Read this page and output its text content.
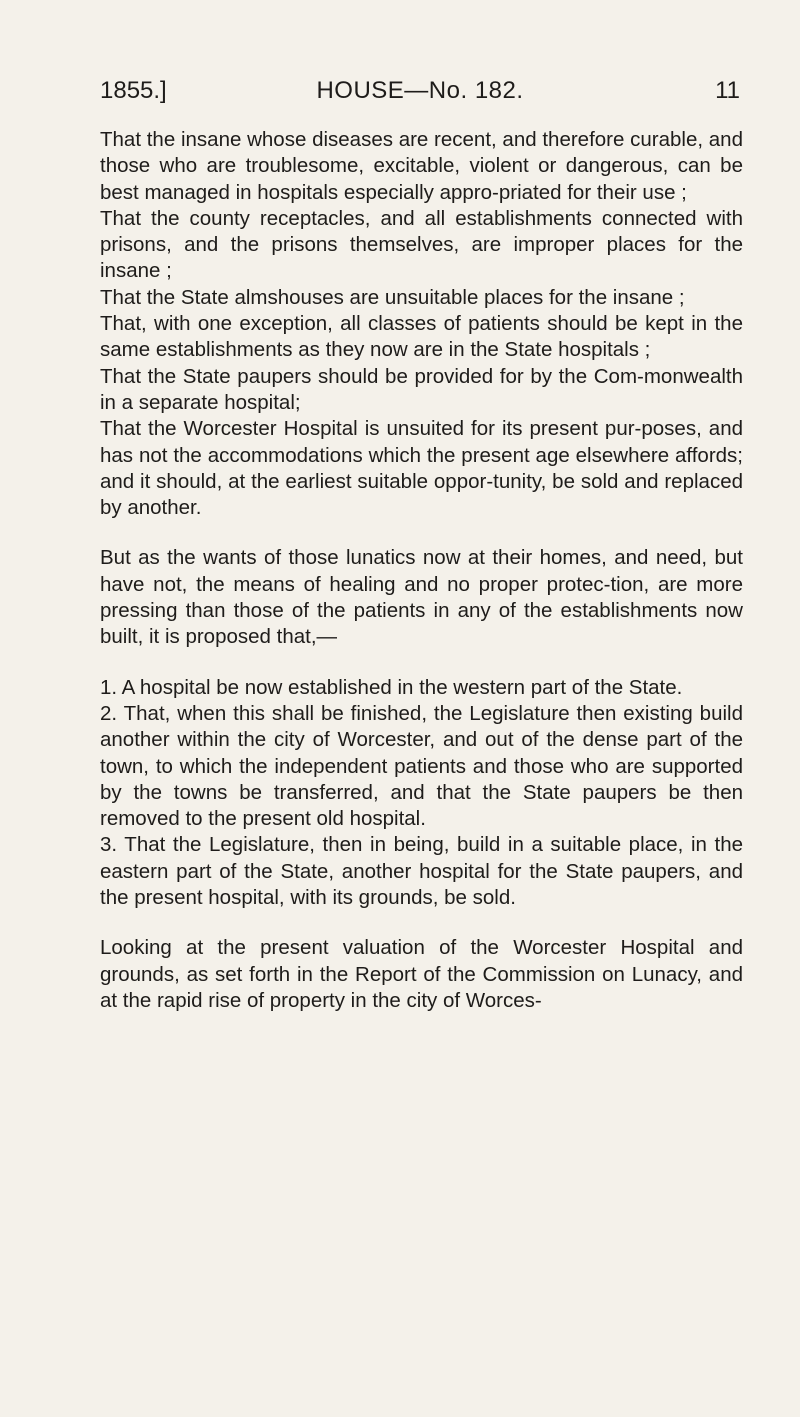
1855.]	HOUSE—No. 182.	11

That the insane whose diseases are recent, and therefore curable, and those who are troublesome, excitable, violent or dangerous, can be best managed in hospitals especially appro-priated for their use ;

That the county receptacles, and all establishments connected with prisons, and the prisons themselves, are improper places for the insane ;

That the State almshouses are unsuitable places for the insane ;

That, with one exception, all classes of patients should be kept in the same establishments as they now are in the State hospitals ;

That the State paupers should be provided for by the Com-monwealth in a separate hospital;

That the Worcester Hospital is unsuited for its present pur-poses, and has not the accommodations which the present age elsewhere affords; and it should, at the earliest suitable oppor-tunity, be sold and replaced by another.

But as the wants of those lunatics now at their homes, and need, but have not, the means of healing and no proper protec-tion, are more pressing than those of the patients in any of the establishments now built, it is proposed that,—

1. A hospital be now established in the western part of the State.

2. That, when this shall be finished, the Legislature then existing build another within the city of Worcester, and out of the dense part of the town, to which the independent patients and those who are supported by the towns be transferred, and that the State paupers be then removed to the present old hospital.

3. That the Legislature, then in being, build in a suitable place, in the eastern part of the State, another hospital for the State paupers, and the present hospital, with its grounds, be sold.

Looking at the present valuation of the Worcester Hospital and grounds, as set forth in the Report of the Commission on Lunacy, and at the rapid rise of property in the city of Worces-
